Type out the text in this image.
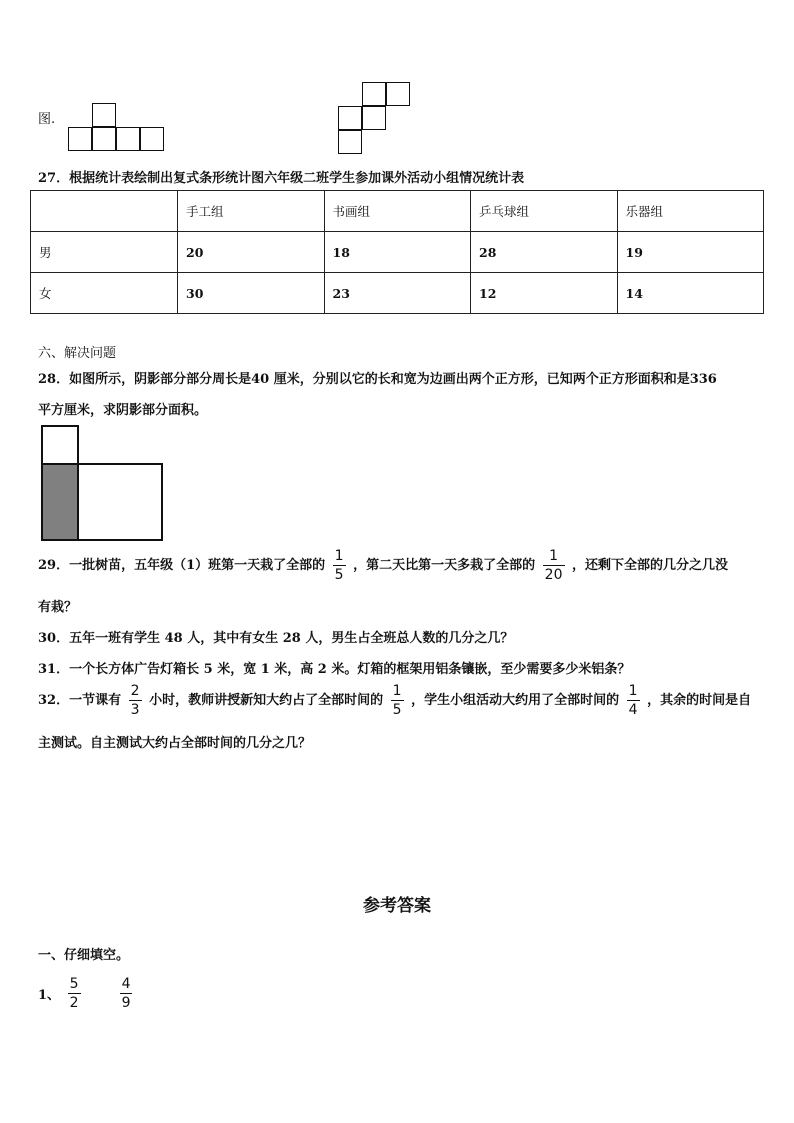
图.
27．根据统计表绘制出复式条形统计图六年级二班学生参加课外活动小组情况统计表
	手工组	书画组	乒乓球组	乐器组
男	20	18	28	19
女	30	23	12	14
六、解决问题
28．如图所示，阴影部分部分周长是40 厘米，分别以它的长和宽为边画出两个正方形，已知两个正方形面积和是336
平方厘米，求阴影部分面积。
29．一批树苗，五年级（1）班第一天栽了全部的 $\frac{1}{5}$ ，第二天比第一天多栽了全部的 $\frac{1}{20}$ ，还剩下全部的几分之几没
有栽？
30．五年一班有学生 48 人，其中有女生 28 人，男生占全班总人数的几分之几？
31．一个长方体广告灯箱长 5 米，宽 1 米，高 2 米。灯箱的框架用铝条镶嵌，至少需要多少米铝条？
32．一节课有 $\frac{2}{3}$ 小时，教师讲授新知大约占了全部时间的 $\frac{1}{5}$ ，学生小组活动大约用了全部时间的 $\frac{1}{4}$ ，其余的时间是自
主测试。自主测试大约占全部时间的几分之几？
参考答案
一、仔细填空。
1、 $\frac{5}{2}$
	$\frac{4}{9}$
